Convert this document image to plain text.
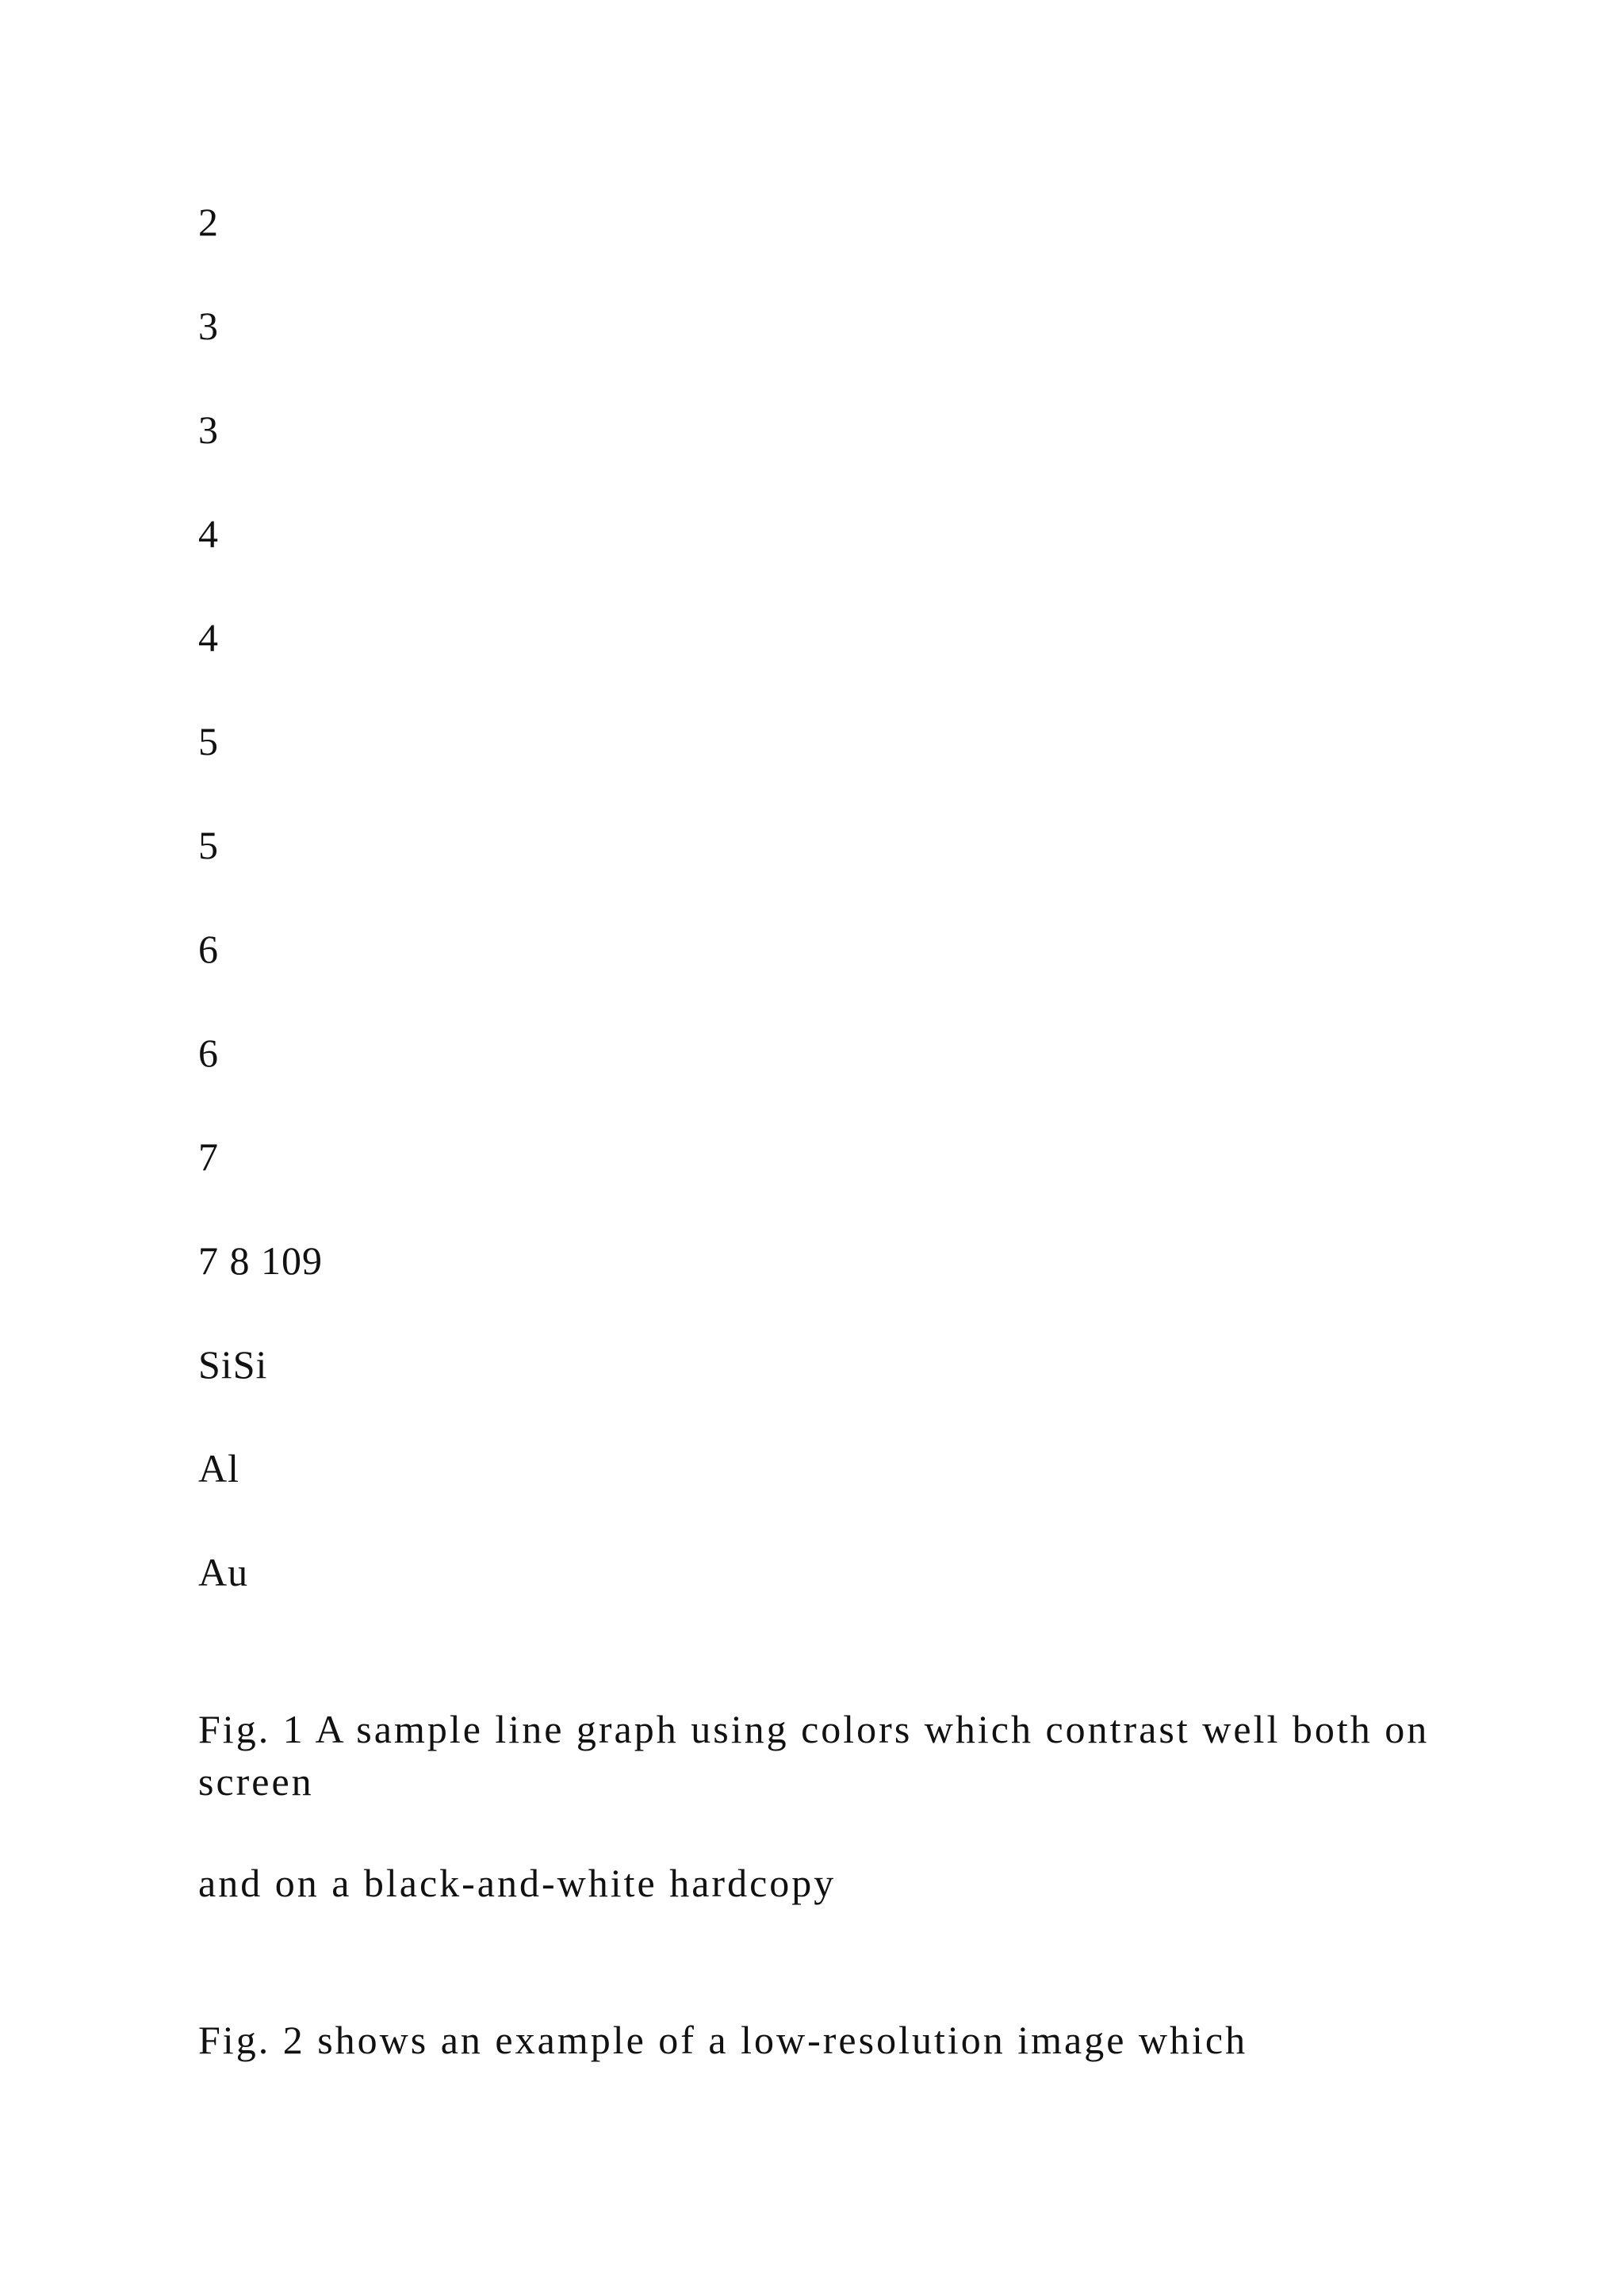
2
3
3
4
4
5
5
6
6
7
7 8 109
SiSi
Al
Au
Fig. 1 A sample line graph using colors which contrast well both on screen
and on a black-and-white hardcopy
Fig. 2 shows an example of a low-resolution image which
